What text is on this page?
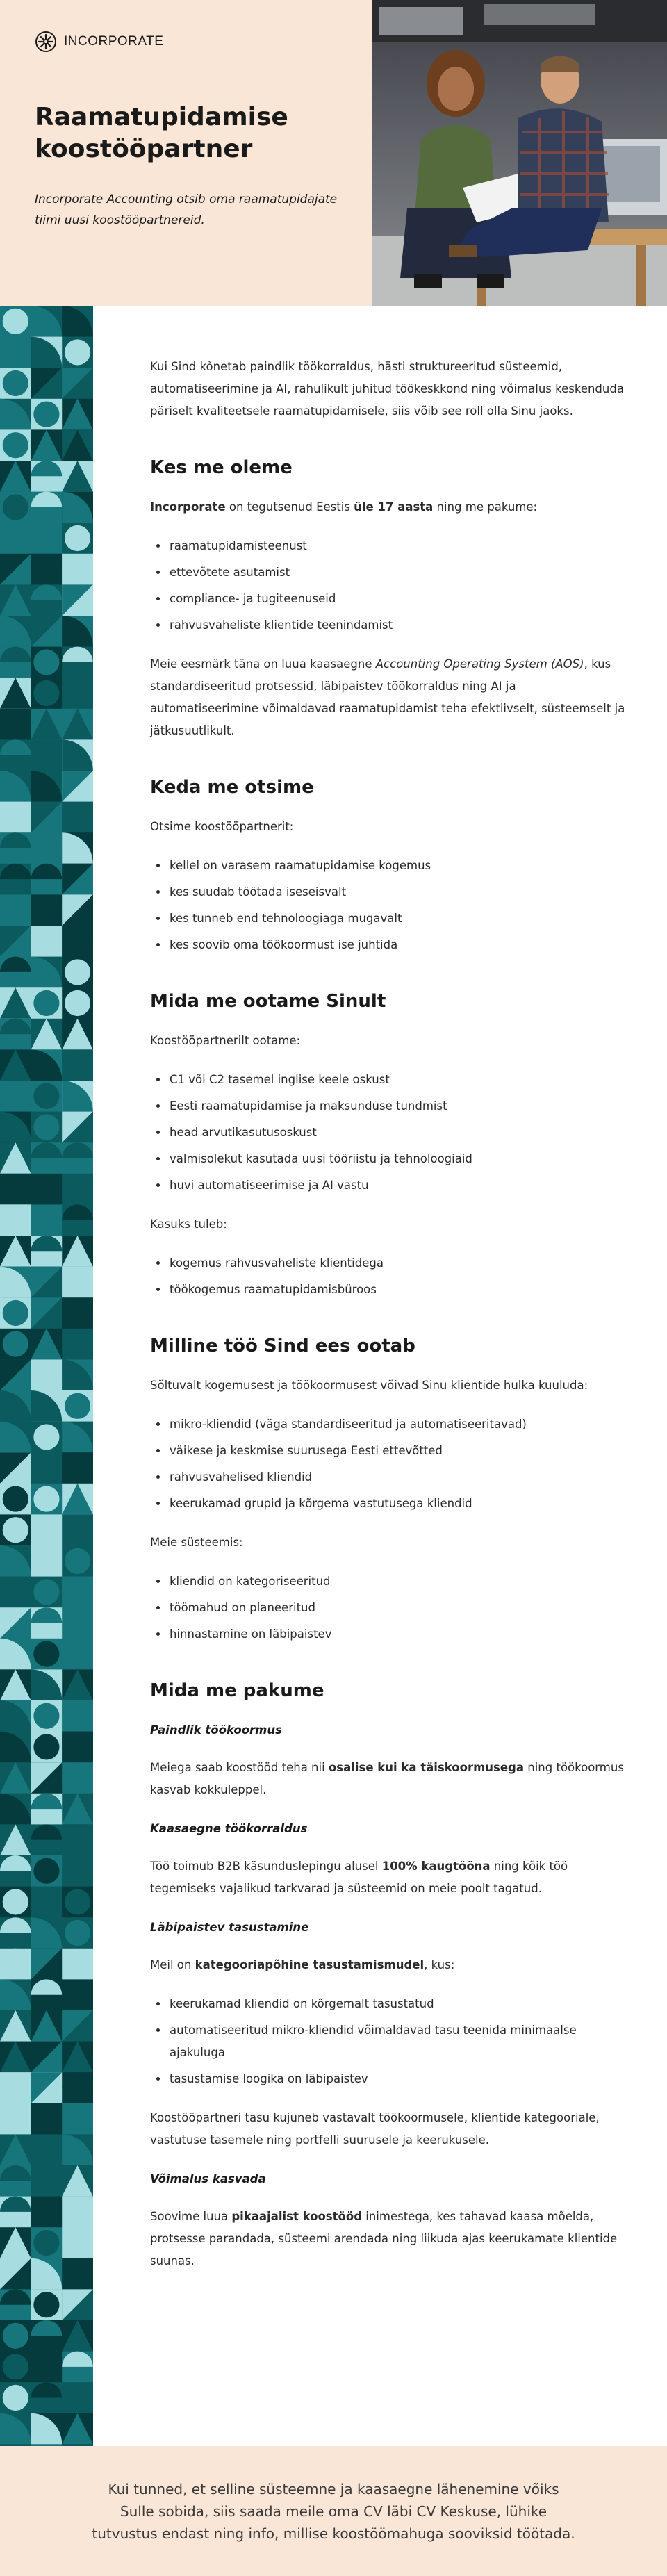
INCORPORATE
Raamatupidamise koostööpartner
Incorporate Accounting otsib oma raamatupidajate tiimi uusi koostööpartnereid.

Kui Sind kõnetab paindlik töökorraldus, hästi struktureeritud süsteemid, automatiseerimine ja AI, rahulikult juhitud töökeskkond ning võimalus keskenduda päriselt kvaliteetsele raamatupidamisele, siis võib see roll olla Sinu jaoks.

Kes me oleme

Incorporate on tegutsenud Eestis üle 17 aasta ning me pakume:

• raamatupidamisteenust
• ettevõtete asutamist
• compliance- ja tugiteenuseid
• rahvusvaheliste klientide teenindamist

Meie eesmärk täna on luua kaasaegne Accounting Operating System (AOS), kus standardiseeritud protsessid, läbipaistev töökorraldus ning AI ja automatiseerimine võimaldavad raamatupidamist teha efektiivselt, süsteemselt ja jätkusuutlikult.

Keda me otsime

Otsime koostööpartnerit:

• kellel on varasem raamatupidamise kogemus
• kes suudab töötada iseseisvalt
• kes tunneb end tehnoloogiaga mugavalt
• kes soovib oma töökoormust ise juhtida
Mida me ootame Sinult

Koostööpartnerilt ootame:

• C1 või C2 tasemel inglise keele oskust
• Eesti raamatupidamise ja maksunduse tundmist
• head arvutikasutusoskust
• valmisolekut kasutada uusi tööriistu ja tehnoloogiaid
• huvi automatiseerimise ja AI vastu

Kasuks tuleb:

• kogemus rahvusvaheliste klientidega
• töökogemus raamatupidamisbüroos
Milline töö Sind ees ootab

Sõltuvalt kogemusest ja töökoormusest võivad Sinu klientide hulka kuuluda:

• mikro-kliendid (väga standardiseeritud ja automatiseeritavad)
• väikese ja keskmise suurusega Eesti ettevõtted
• rahvusvahelised kliendid
• keerukamad grupid ja kõrgema vastutusega kliendid

Meie süsteemis:

• kliendid on kategoriseeritud
• töömahud on planeeritud
• hinnastamine on läbipaistev
Mida me pakume
Paindlik töökoormus

Meiega saab koostööd teha nii osalise kui ka täiskoormusega ning töökoormus kasvab kokkuleppel.

Kaasaegne töökorraldus

Töö toimub B2B käsunduslepingu alusel 100% kaugtööna ning kõik töö tegemiseks vajalikud tarkvarad ja süsteemid on meie poolt tagatud.

Läbipaistev tasustamine

Meil on kategooriapõhine tasustamismudel, kus:

• keerukamad kliendid on kõrgemalt tasustatud
• automatiseeritud mikro-kliendid võimaldavad tasu teenida minimaalse ajakuluga
• tasustamise loogika on läbipaistev

Koostööpartneri tasu kujuneb vastavalt töökoormusele, klientide kategooriale, vastutuse tasemele ning portfelli suurusele ja keerukusele.

Võimalus kasvada

Soovime luua pikaajalist koostööd inimestega, kes tahavad kaasa mõelda, protsesse parandada, süsteemi arendada ning liikuda ajas keerukamate klientide suunas.

Kui tunned, et selline süsteemne ja kaasaegne lähenemine võiks Sulle sobida, siis saada meile oma CV läbi CV Keskuse, lühike tutvustus endast ning info, millise koostöömahuga sooviksid töötada.
